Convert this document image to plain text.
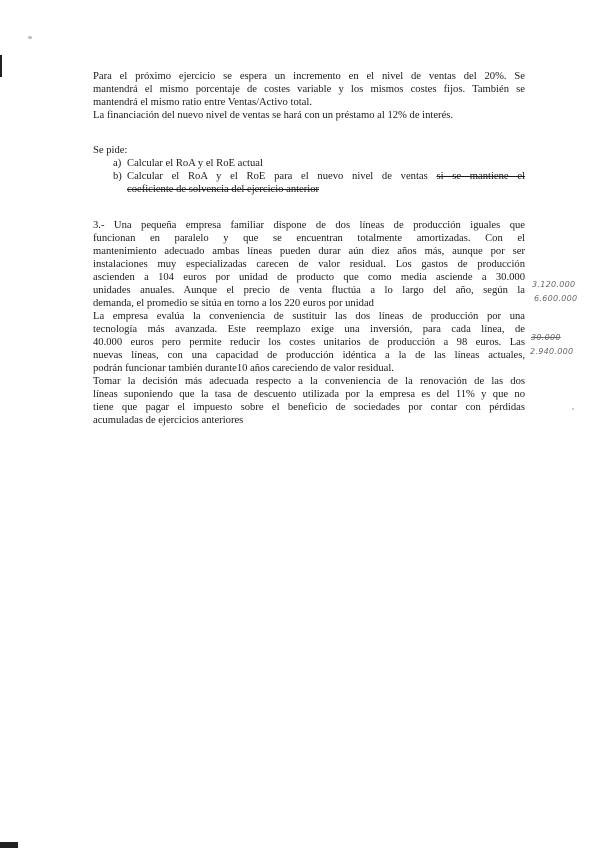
Para el próximo ejercicio se espera un incremento en el nivel de ventas del 20%. Se
mantendrá el mismo porcentaje de costes variable y los mismos costes fijos. También se
mantendrá el mismo ratio entre Ventas/Activo total.
La financiación del nuevo nivel de ventas se hará con un préstamo al 12% de interés.
Se pide:
a) Calcular el RoA y el RoE actual
b) Calcular el RoA y el RoE para el nuevo nivel de ventas si se mantiene el
coeficiente de solvencia del ejercicio anterior
3.- Una pequeña empresa familiar dispone de dos líneas de producción iguales que
funcionan en paralelo y que se encuentran totalmente amortizadas. Con el
mantenimiento adecuado ambas líneas pueden durar aún diez años más, aunque por ser
instalaciones muy especializadas carecen de valor residual. Los gastos de producción
ascienden a 104 euros por unidad de producto que como media asciende a 30.000
unidades anuales. Aunque el precio de venta fluctúa a lo largo del año, según la
demanda, el promedio se sitúa en torno a los 220 euros por unidad
La empresa evalúa la conveniencia de sustituir las dos líneas de producción por una
tecnología más avanzada. Este reemplazo exige una inversión, para cada línea, de
40.000 euros pero permite reducir los costes unitarios de producción a 98 euros. Las
nuevas líneas, con una capacidad de producción idéntica a la de las líneas actuales,
podrán funcionar también durante10 años careciendo de valor residual.
Tomar la decisión más adecuada respecto a la conveniencia de la renovación de las dos
líneas suponiendo que la tasa de descuento utilizada por la empresa es del 11% y que no
tiene que pagar el impuesto sobre el beneficio de sociedades por contar con pérdidas
acumuladas de ejercicios anteriores
3.120.000
6.600.000
30.000
2.940.000
